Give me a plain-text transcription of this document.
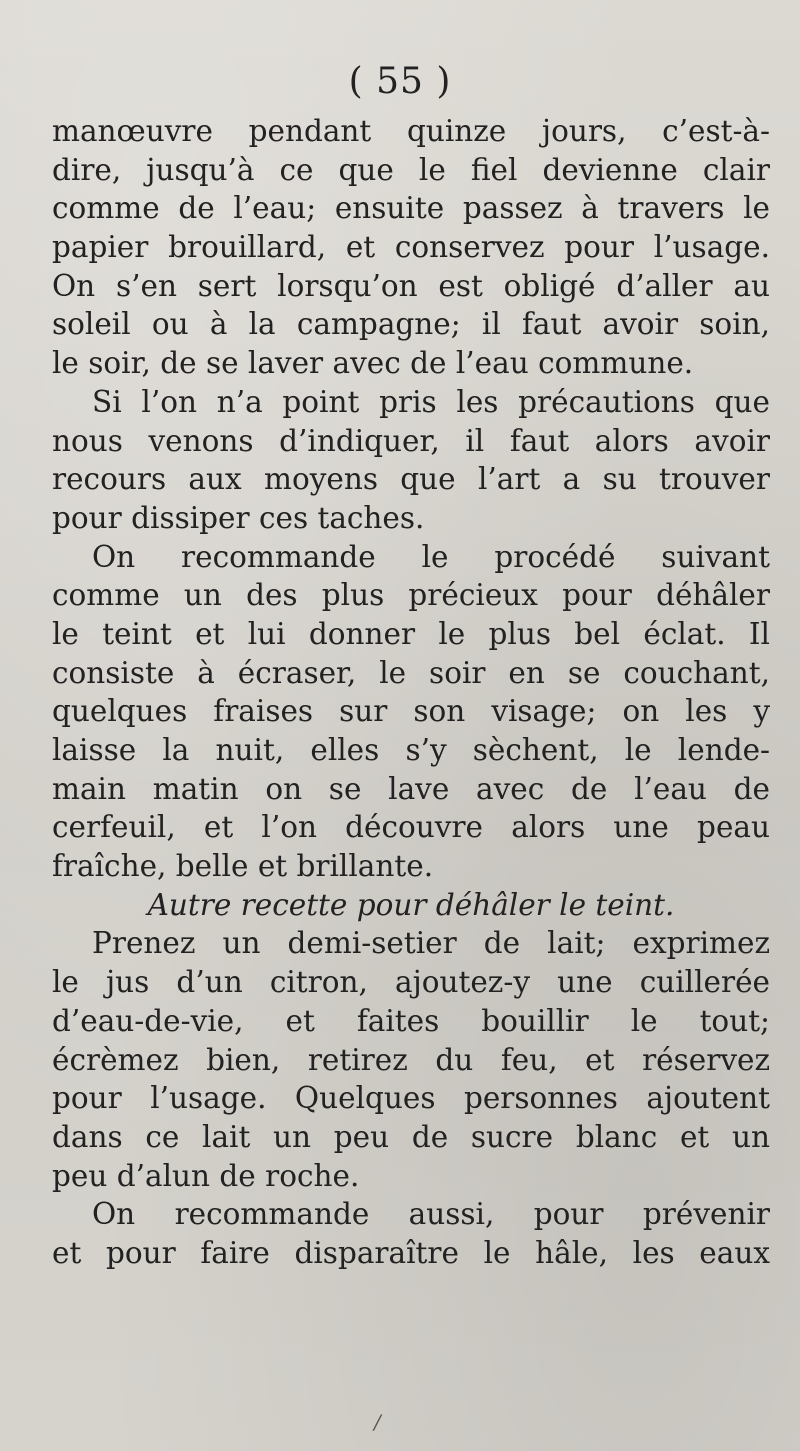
( 55 )
manœuvre pendant quinze jours, c’est-à-
dire, jusqu’à ce que le fiel devienne clair
comme de l’eau; ensuite passez à travers le
papier brouillard, et conservez pour l’usage.
On s’en sert lorsqu’on est obligé d’aller au
soleil ou à la campagne; il faut avoir soin,
le soir, de se laver avec de l’eau commune.
Si l’on n’a point pris les précautions que
nous venons d’indiquer, il faut alors avoir
recours aux moyens que l’art a su trouver
pour dissiper ces taches.
On recommande le procédé suivant
comme un des plus précieux pour déhâler
le teint et lui donner le plus bel éclat. Il
consiste à écraser, le soir en se couchant,
quelques fraises sur son visage; on les y
laisse la nuit, elles s’y sèchent, le lende-
main matin on se lave avec de l’eau de
cerfeuil, et l’on découvre alors une peau
fraîche, belle et brillante.
Autre recette pour déhâler le teint.
Prenez un demi-setier de lait; exprimez
le jus d’un citron, ajoutez-y une cuillerée
d’eau-de-vie, et faites bouillir le tout;
écrèmez bien, retirez du feu, et réservez
pour l’usage. Quelques personnes ajoutent
dans ce lait un peu de sucre blanc et un
peu d’alun de roche.
On recommande aussi, pour prévenir
et pour faire disparaître le hâle, les eaux
/
